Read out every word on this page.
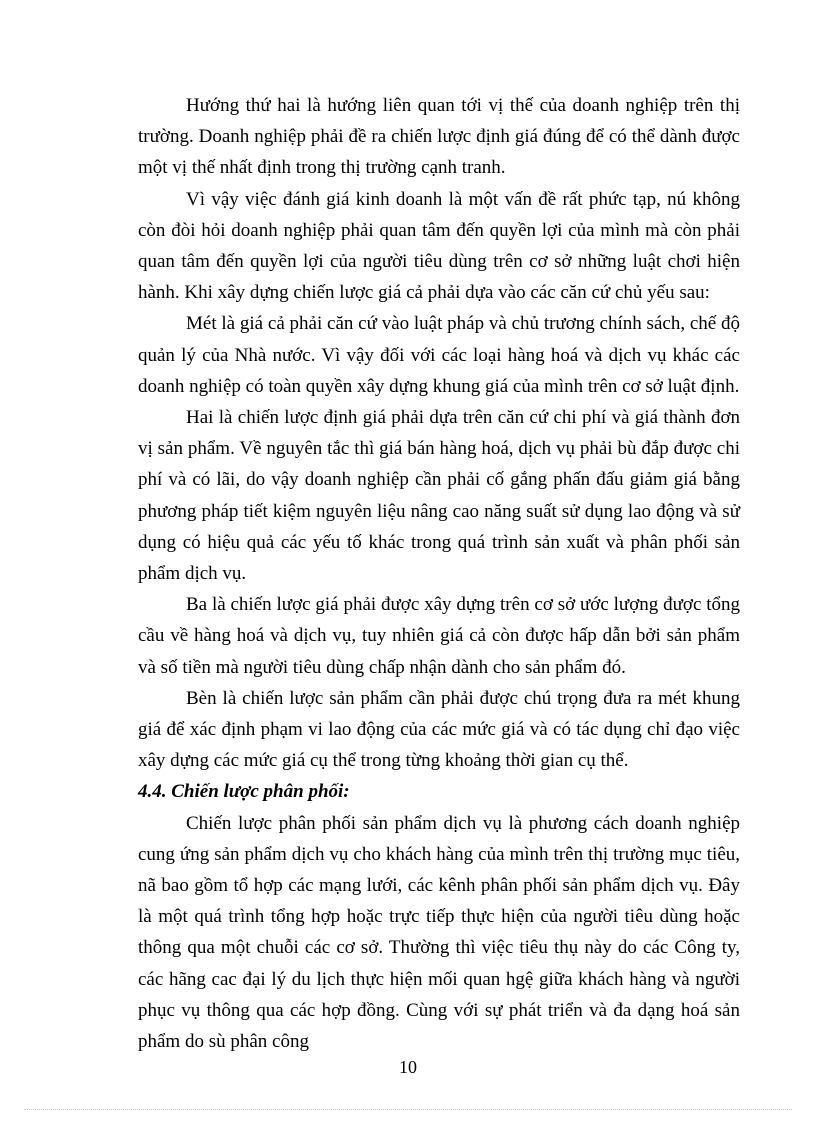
Hướng thứ hai là hướng liên quan tới vị thế của doanh nghiệp trên thị trường. Doanh nghiệp phải đề ra chiến lược định giá đúng để có thể dành được một vị thế nhất định trong thị trường cạnh tranh.

Vì vậy việc đánh giá kinh doanh là một vấn đề rất phức tạp, nú không còn đòi hỏi doanh nghiệp phải quan tâm đến quyền lợi của mình mà còn phải quan tâm đến quyền lợi của người tiêu dùng trên cơ sở những luật chơi hiện hành. Khi xây dựng chiến lược giá cả phải dựa vào các căn cứ chủ yếu sau:

Mét là giá cả phải căn cứ vào luật pháp và chủ trương chính sách, chế độ quản lý của Nhà nước. Vì vậy đối với các loại hàng hoá và dịch vụ khác các doanh nghiệp có toàn quyền xây dựng khung giá của mình trên cơ sở luật định.

Hai là chiến lược định giá phải dựa trên căn cứ chi phí và giá thành đơn vị sản phẩm. Về nguyên tắc thì giá bán hàng hoá, dịch vụ phải bù đắp được chi phí và có lãi, do vậy doanh nghiệp cần phải cố gắng phấn đấu giảm giá bằng phương pháp tiết kiệm nguyên liệu nâng cao năng suất sử dụng lao động và sử dụng có hiệu quả các yếu tố khác trong quá trình sản xuất và phân phối sản phẩm dịch vụ.

Ba là chiến lược giá phải được xây dựng trên cơ sở ước lượng được tổng cầu về hàng hoá và dịch vụ, tuy nhiên giá cả còn được hấp dẫn bởi sản phẩm và số tiền mà người tiêu dùng chấp nhận dành cho sản phẩm đó.

Bèn là chiến lược sản phẩm cần phải được chú trọng đưa ra mét khung giá để xác định phạm vi lao động của các mức giá và có tác dụng chỉ đạo việc xây dựng các mức giá cụ thể trong từng khoảng thời gian cụ thể.

4.4. Chiến lược phân phối:

Chiến lược phân phối sản phẩm dịch vụ là phương cách doanh nghiệp cung ứng sản phẩm dịch vụ cho khách hàng của mình trên thị trường mục tiêu, nã bao gồm tổ hợp các mạng lưới, các kênh phân phối sản phẩm dịch vụ. Đây là một quá trình tổng hợp hoặc trực tiếp thực hiện của người tiêu dùng hoặc thông qua một chuỗi các cơ sở. Thường thì việc tiêu thụ này do các Công ty, các hãng cac đại lý du lịch thực hiện mối quan hgệ giữa khách hàng và người phục vụ thông qua các hợp đồng. Cùng với sự phát triển và đa dạng hoá sản phẩm do sù phân công

10
